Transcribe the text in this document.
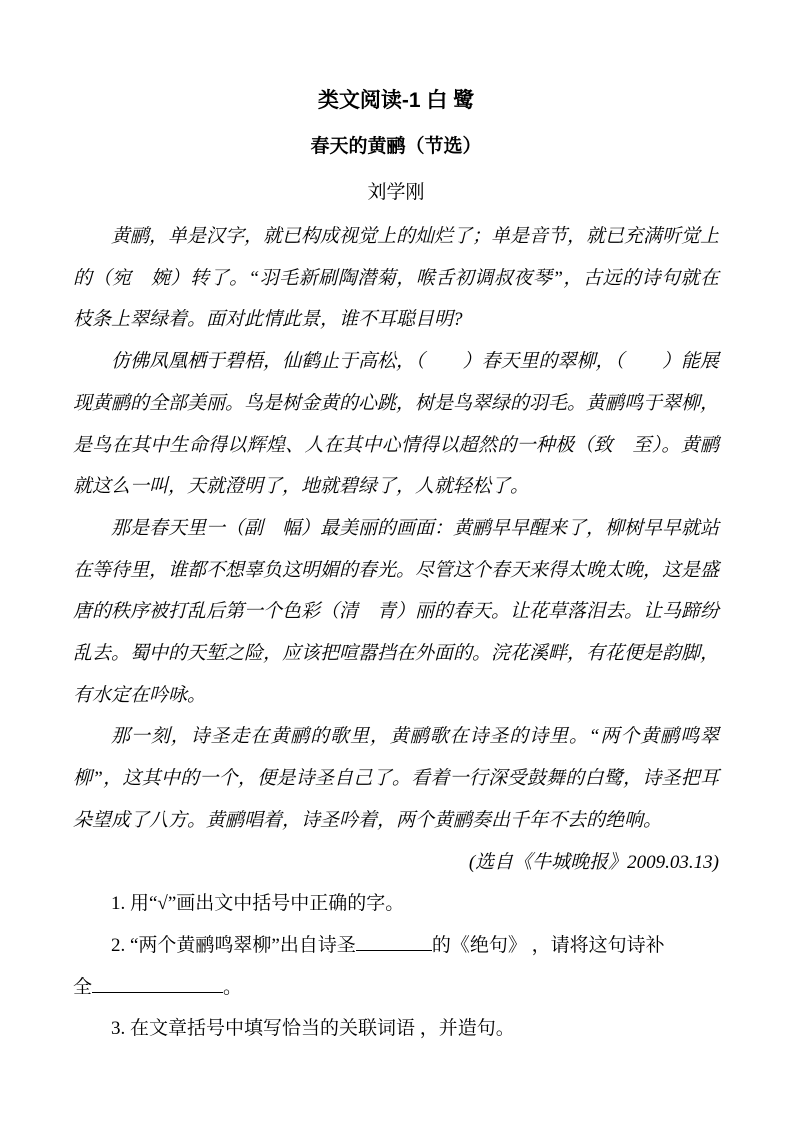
类文阅读-1 白 鹭
春天的黄鹂（节选）
刘学刚

黄鹂，单是汉字，就已构成视觉上的灿烂了；单是音节，就已充满听觉上的（宛　婉）转了。“羽毛新刷陶潜菊，喉舌初调叔夜琴”，古远的诗句就在枝条上翠绿着。面对此情此景，谁不耳聪目明?

仿佛凤凰栖于碧梧，仙鹤止于高松，（　　）春天里的翠柳，（　　）能展现黄鹂的全部美丽。鸟是树金黄的心跳，树是鸟翠绿的羽毛。黄鹂鸣于翠柳，是鸟在其中生命得以辉煌、人在其中心情得以超然的一种极（致　至）。黄鹂就这么一叫，天就澄明了，地就碧绿了，人就轻松了。

那是春天里一（副　幅）最美丽的画面：黄鹂早早醒来了，柳树早早就站在等待里，谁都不想辜负这明媚的春光。尽管这个春天来得太晚太晚，这是盛唐的秩序被打乱后第一个色彩（清　青）丽的春天。让花草落泪去。让马蹄纷乱去。蜀中的天堑之险，应该把喧嚣挡在外面的。浣花溪畔，有花便是韵脚，有水定在吟咏。

那一刻，诗圣走在黄鹂的歌里，黄鹂歌在诗圣的诗里。“两个黄鹂鸣翠柳”，这其中的一个，便是诗圣自己了。看着一行深受鼓舞的白鹭，诗圣把耳朵望成了八方。黄鹂唱着，诗圣吟着，两个黄鹂奏出千年不去的绝响。

(选自《牛城晚报》2009.03.13)

1. 用“√”画出文中括号中正确的字。

2. “两个黄鹂鸣翠柳”出自诗圣	的《绝句》 ，请将这句诗补

全	。

3. 在文章括号中填写恰当的关联词语 ，并造句。
